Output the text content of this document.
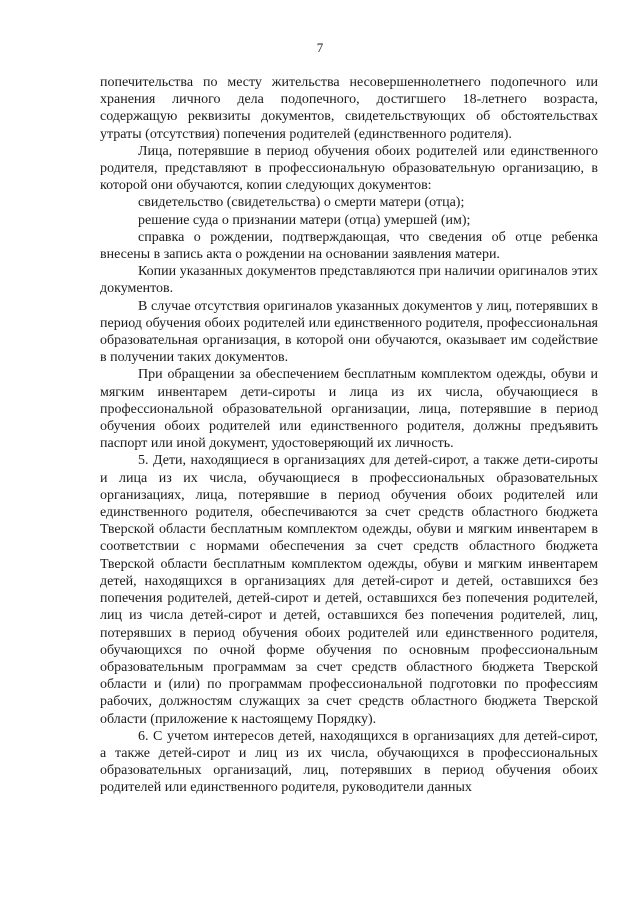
7

попечительства по месту жительства несовершеннолетнего подопечного или хранения личного дела подопечного, достигшего 18-летнего возраста, содержащую реквизиты документов, свидетельствующих об обстоятельствах утраты (отсутствия) попечения родителей (единственного родителя).

Лица, потерявшие в период обучения обоих родителей или единственного родителя, представляют в профессиональную образовательную организацию, в которой они обучаются, копии следующих документов:

свидетельство (свидетельства) о смерти матери (отца);

решение суда о признании матери (отца) умершей (им);

справка о рождении, подтверждающая, что сведения об отце ребенка внесены в запись акта о рождении на основании заявления матери.

Копии указанных документов представляются при наличии оригиналов этих документов.

В случае отсутствия оригиналов указанных документов у лиц, потерявших в период обучения обоих родителей или единственного родителя, профессиональная образовательная организация, в которой они обучаются, оказывает им содействие в получении таких документов.

При обращении за обеспечением бесплатным комплектом одежды, обуви и мягким инвентарем дети-сироты и лица из их числа, обучающиеся в профессиональной образовательной организации, лица, потерявшие в период обучения обоих родителей или единственного родителя, должны предъявить паспорт или иной документ, удостоверяющий их личность.

5. Дети, находящиеся в организациях для детей-сирот, а также дети-сироты и лица из их числа, обучающиеся в профессиональных образовательных организациях, лица, потерявшие в период обучения обоих родителей или единственного родителя, обеспечиваются за счет средств областного бюджета Тверской области бесплатным комплектом одежды, обуви и мягким инвентарем в соответствии с нормами обеспечения за счет средств областного бюджета Тверской области бесплатным комплектом одежды, обуви и мягким инвентарем детей, находящихся в организациях для детей-сирот и детей, оставшихся без попечения родителей, детей-сирот и детей, оставшихся без попечения родителей, лиц из числа детей-сирот и детей, оставшихся без попечения родителей, лиц, потерявших в период обучения обоих родителей или единственного родителя, обучающихся по очной форме обучения по основным профессиональным образовательным программам за счет средств областного бюджета Тверской области и (или) по программам профессиональной подготовки по профессиям рабочих, должностям служащих за счет средств областного бюджета Тверской области (приложение к настоящему Порядку).

6. С учетом интересов детей, находящихся в организациях для детей-сирот, а также детей-сирот и лиц из их числа, обучающихся в профессиональных образовательных организаций, лиц, потерявших в период обучения обоих родителей или единственного родителя, руководители данных
